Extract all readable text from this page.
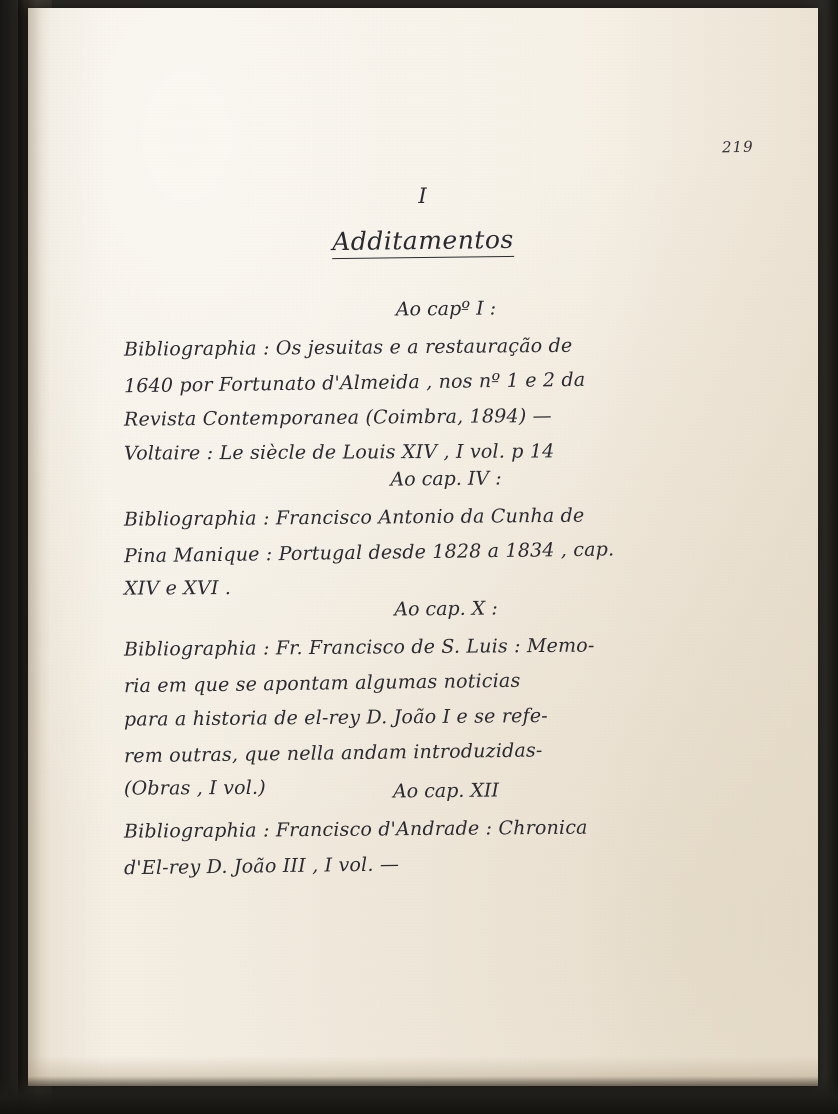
219
I
Additamentos
Ao capº I :
Bibliographia : Os jesuitas e a restauração de
1640 por Fortunato d'Almeida , nos nº 1 e 2 da
Revista Contemporanea (Coimbra, 1894) —
Voltaire : Le siècle de Louis XIV , I vol. p 14
Ao cap. IV :
Bibliographia : Francisco Antonio da Cunha de
Pina Manique : Portugal desde 1828 a 1834 , cap.
XIV e XVI .
Ao cap. X :
Bibliographia : Fr. Francisco de S. Luis : Memo-
ria em que se apontam algumas noticias
para a historia de el-rey D. João I e se refe-
rem outras, que nella andam introduzidas-
(Obras , I vol.)	Ao cap. XII
Bibliographia : Francisco d'Andrade : Chronica
d'El-rey D. João III , I vol. —
